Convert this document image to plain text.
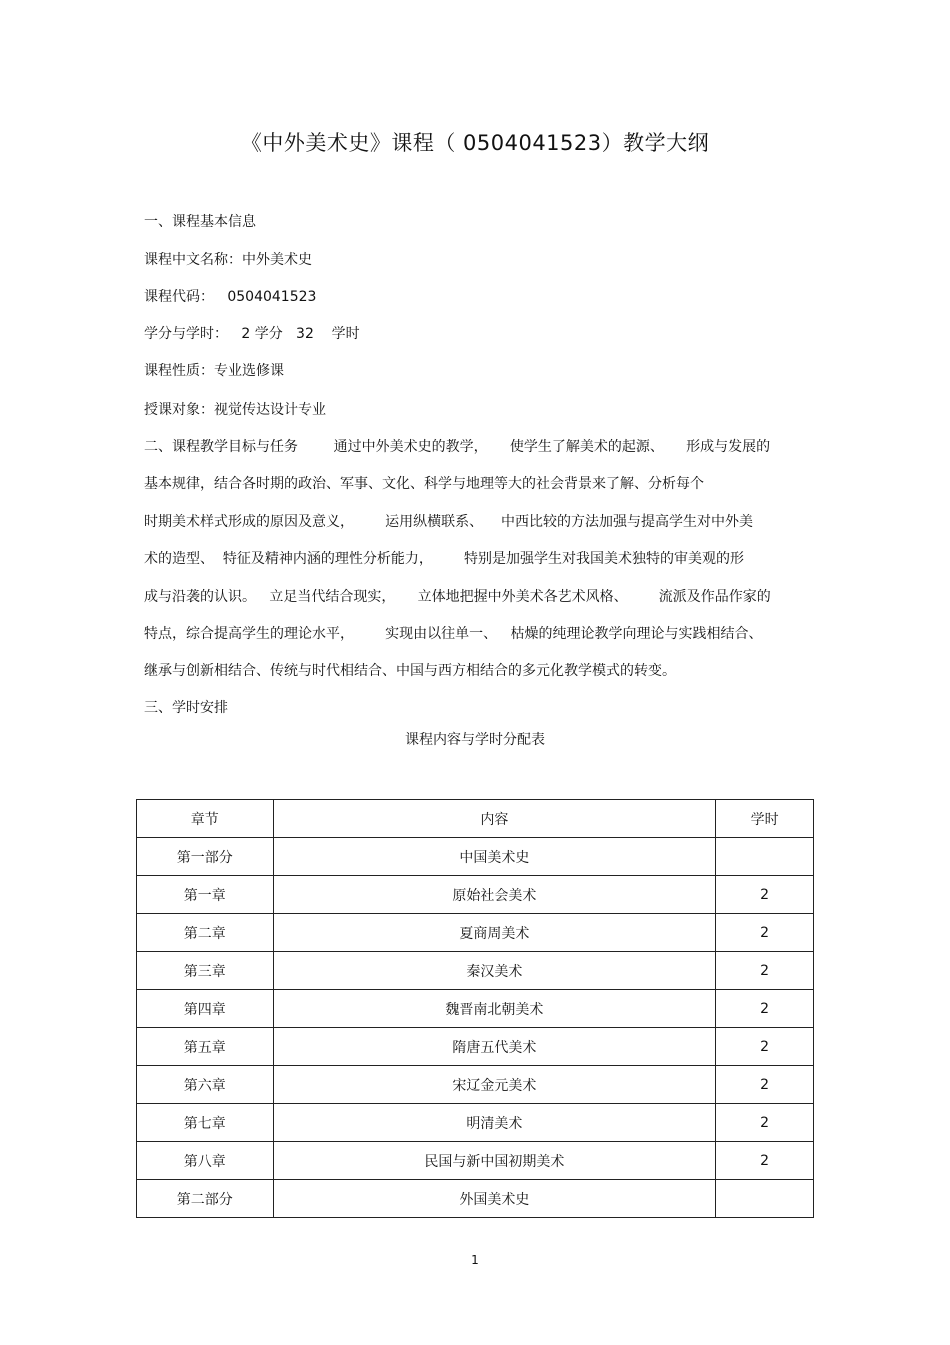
《中外美术史》课程（ 0504041523）教学大纲
一、课程基本信息
课程中文名称：中外美术史
课程代码：   0504041523
学分与学时：   2 学分   32    学时
课程性质：专业选修课
授课对象：视觉传达设计专业
二、课程教学目标与任务        通过中外美术史的教学，     使学生了解美术的起源、     形成与发展的
基本规律，结合各时期的政治、军事、文化、科学与地理等大的社会背景来了解、分析每个
时期美术样式形成的原因及意义，       运用纵横联系、    中西比较的方法加强与提高学生对中外美
术的造型、  特征及精神内涵的理性分析能力，       特别是加强学生对我国美术独特的审美观的形
成与沿袭的认识。   立足当代结合现实，     立体地把握中外美术各艺术风格、       流派及作品作家的
特点，综合提高学生的理论水平，       实现由以往单一、   枯燥的纯理论教学向理论与实践相结合、
继承与创新相结合、传统与时代相结合、中国与西方相结合的多元化教学模式的转变。
三、学时安排
课程内容与学时分配表
章节	内容	学时
第一部分	中国美术史	
第一章	原始社会美术	2
第二章	夏商周美术	2
第三章	秦汉美术	2
第四章	魏晋南北朝美术	2
第五章	隋唐五代美术	2
第六章	宋辽金元美术	2
第七章	明清美术	2
第八章	民国与新中国初期美术	2
第二部分	外国美术史	
1
